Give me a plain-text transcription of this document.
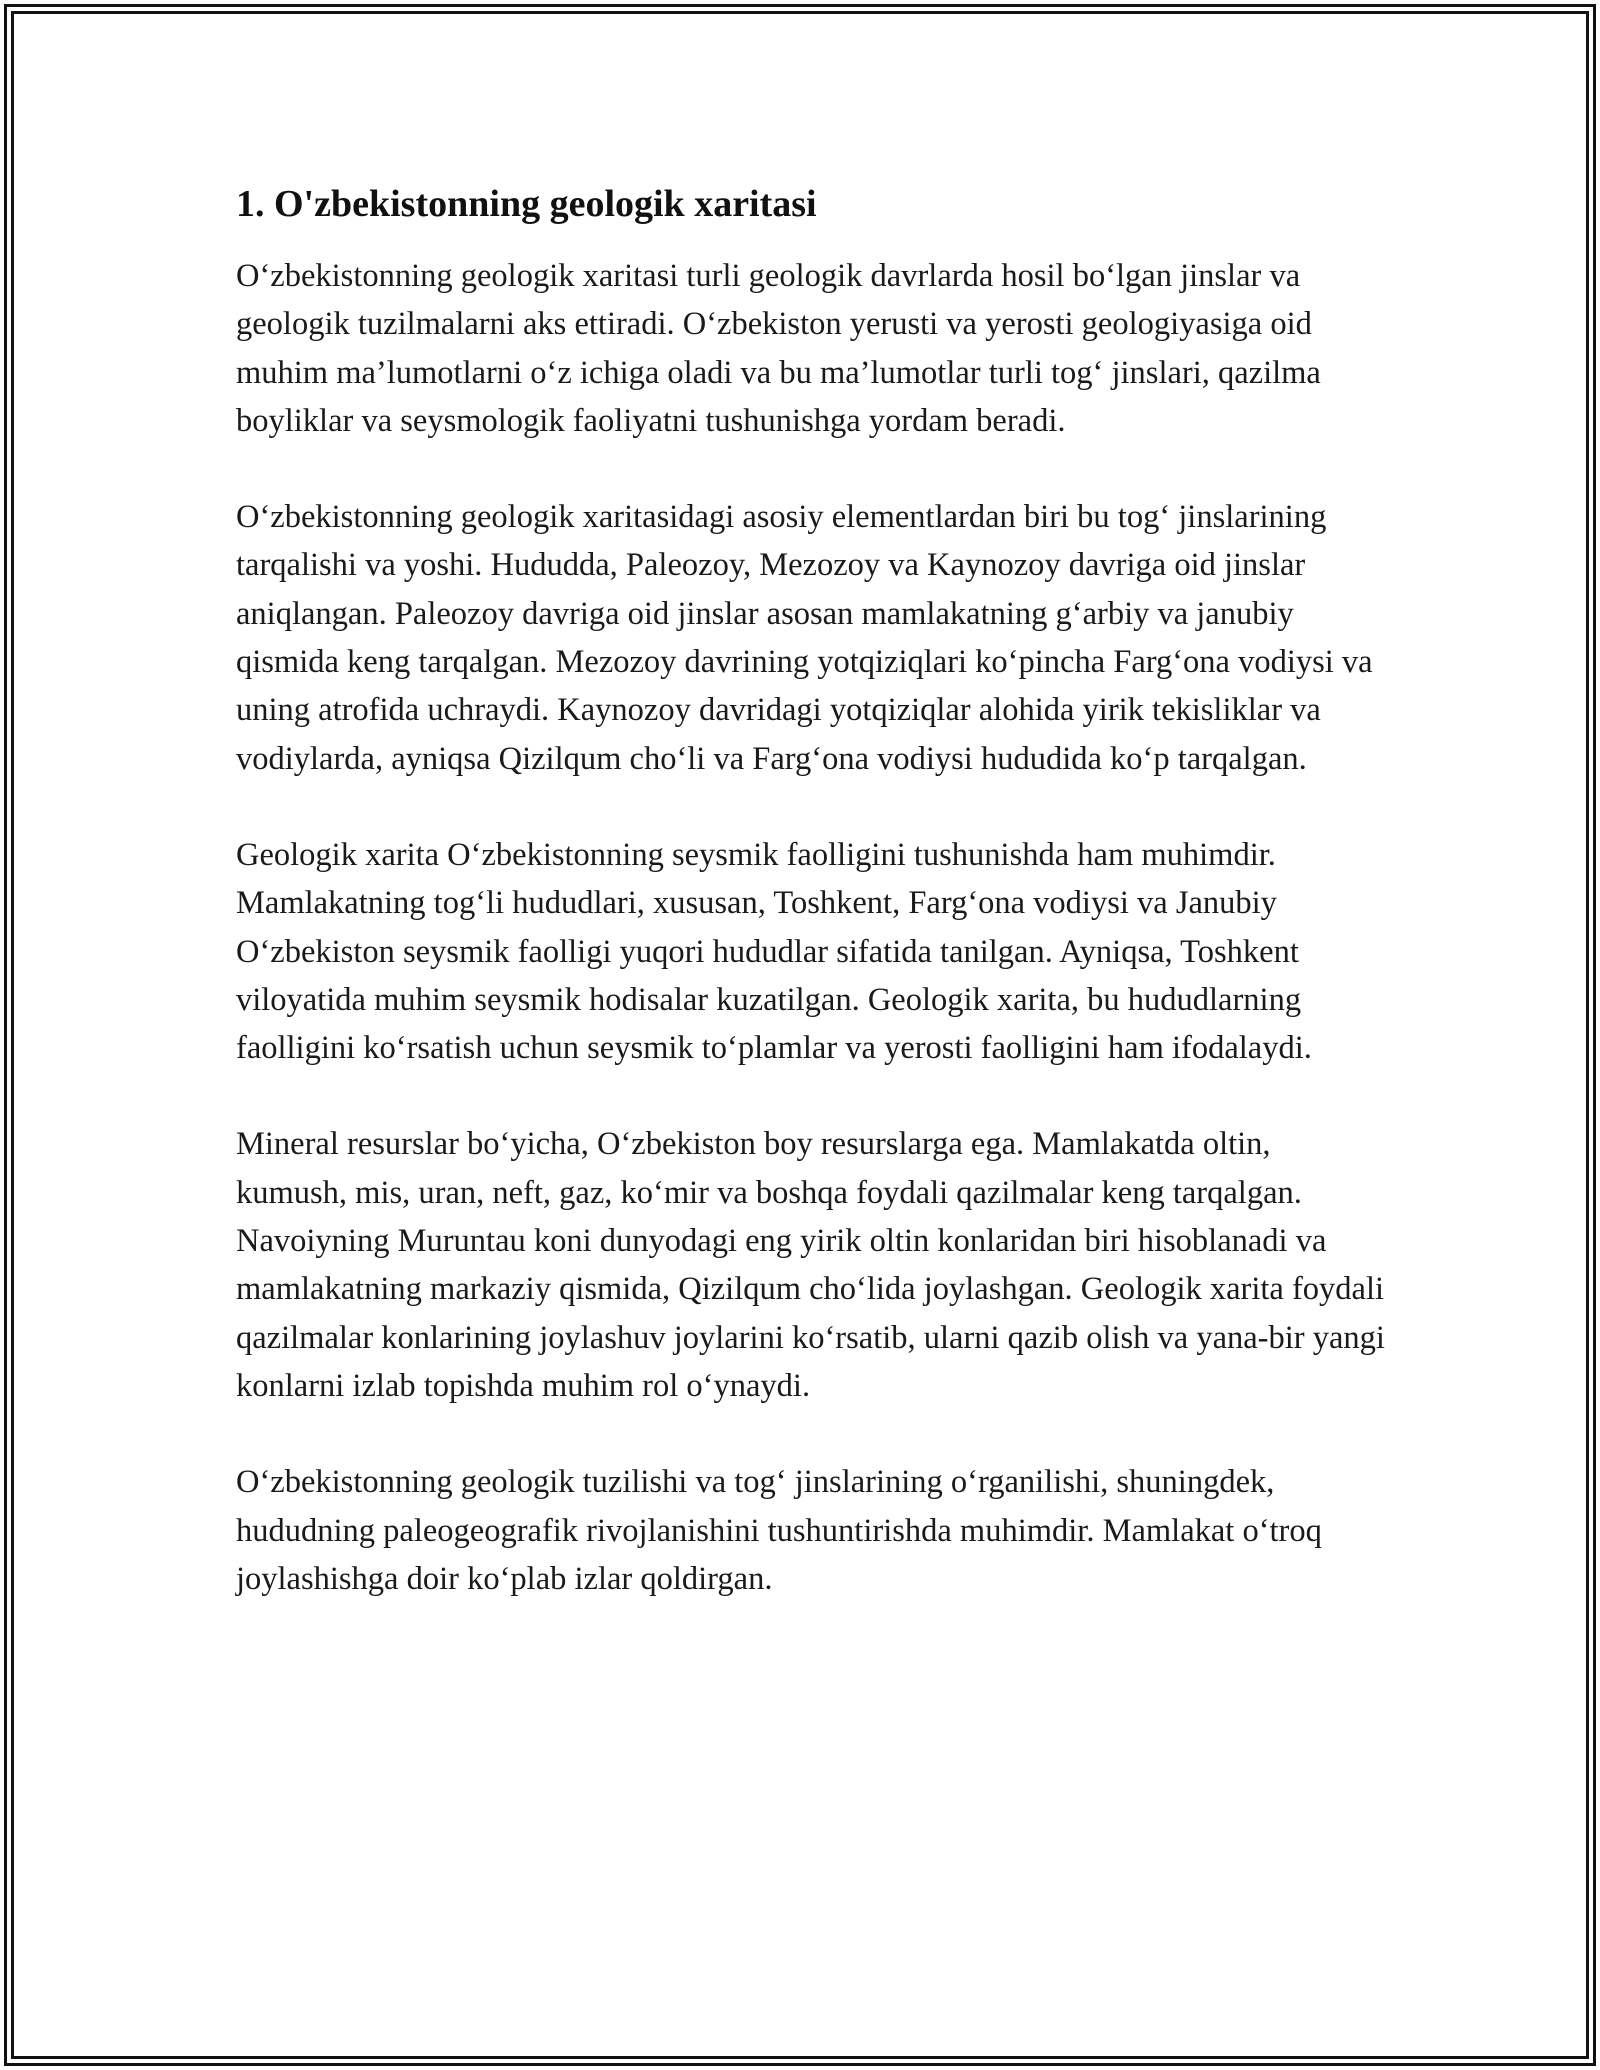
1. O'zbekistonning geologik xaritasi

O‘zbekistonning geologik xaritasi turli geologik davrlarda hosil bo‘lgan jinslar va geologik tuzilmalarni aks ettiradi. O‘zbekiston yerusti va yerosti geologiyasiga oid muhim ma’lumotlarni o‘z ichiga oladi va bu ma’lumotlar turli tog‘ jinslari, qazilma boyliklar va seysmologik faoliyatni tushunishga yordam beradi.

O‘zbekistonning geologik xaritasidagi asosiy elementlardan biri bu tog‘ jinslarining tarqalishi va yoshi. Hududda, Paleozoy, Mezozoy va Kaynozoy davriga oid jinslar aniqlangan. Paleozoy davriga oid jinslar asosan mamlakatning g‘arbiy va janubiy qismida keng tarqalgan. Mezozoy davrining yotqiziqlari ko‘pincha Farg‘ona vodiysi va uning atrofida uchraydi. Kaynozoy davridagi yotqiziqlar alohida yirik tekisliklar va vodiylarda, ayniqsa Qizilqum cho‘li va Farg‘ona vodiysi hududida ko‘p tarqalgan.

Geologik xarita O‘zbekistonning seysmik faolligini tushunishda ham muhimdir. Mamlakatning tog‘li hududlari, xususan, Toshkent, Farg‘ona vodiysi va Janubiy O‘zbekiston seysmik faolligi yuqori hududlar sifatida tanilgan. Ayniqsa, Toshkent viloyatida muhim seysmik hodisalar kuzatilgan. Geologik xarita, bu hududlarning faolligini ko‘rsatish uchun seysmik to‘plamlar va yerosti faolligini ham ifodalaydi.

Mineral resurslar bo‘yicha, O‘zbekiston boy resurslarga ega. Mamlakatda oltin, kumush, mis, uran, neft, gaz, ko‘mir va boshqa foydali qazilmalar keng tarqalgan. Navoiyning Muruntau koni dunyodagi eng yirik oltin konlaridan biri hisoblanadi va mamlakatning markaziy qismida, Qizilqum cho‘lida joylashgan. Geologik xarita foydali qazilmalar konlarining joylashuv joylarini ko‘rsatib, ularni qazib olish va yana-bir yangi konlarni izlab topishda muhim rol o‘ynaydi.

O‘zbekistonning geologik tuzilishi va tog‘ jinslarining o‘rganilishi, shuningdek, hududning paleogeografik rivojlanishini tushuntirishda muhimdir. Mamlakat o‘troq joylashishga doir ko‘plab izlar qoldirgan.
